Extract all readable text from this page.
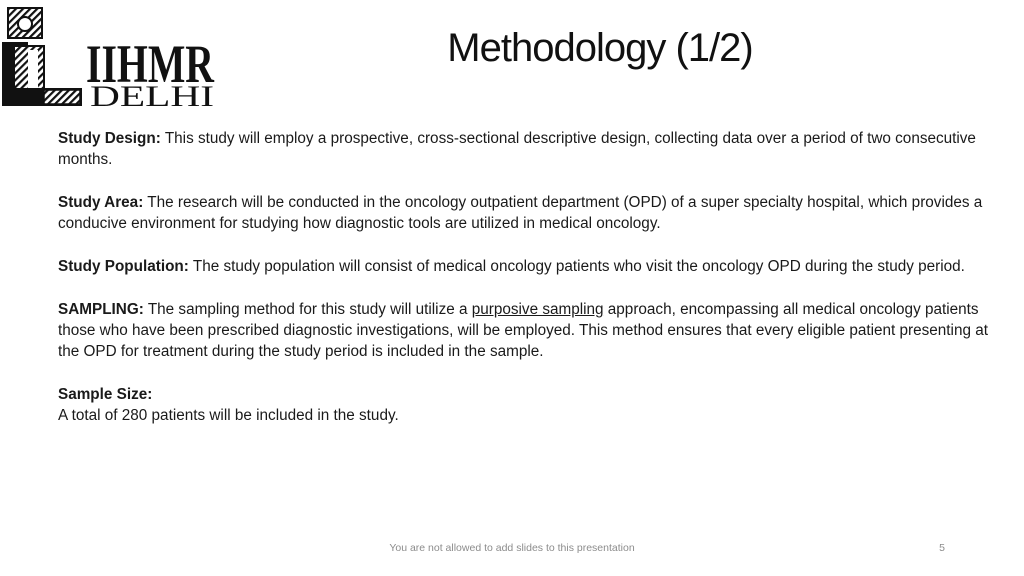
IIHMR
DELHI
Methodology (1/2)

Study Design: This study will employ a prospective, cross-sectional descriptive design, collecting data over a period of two consecutive months.

Study Area: The research will be conducted in the oncology outpatient department (OPD) of a super specialty hospital, which provides a conducive environment for studying how diagnostic tools are utilized in medical oncology.

Study Population: The study population will consist of medical oncology patients who visit the oncology OPD during the study period.

SAMPLING: The sampling method for this study will utilize a purposive sampling approach, encompassing all medical oncology patients those who have been prescribed diagnostic investigations, will be employed. This method ensures that every eligible patient presenting at the OPD for treatment during the study period is included in the sample.

Sample Size:
A total of 280 patients will be included in the study.

You are not allowed to add slides to this presentation	5
